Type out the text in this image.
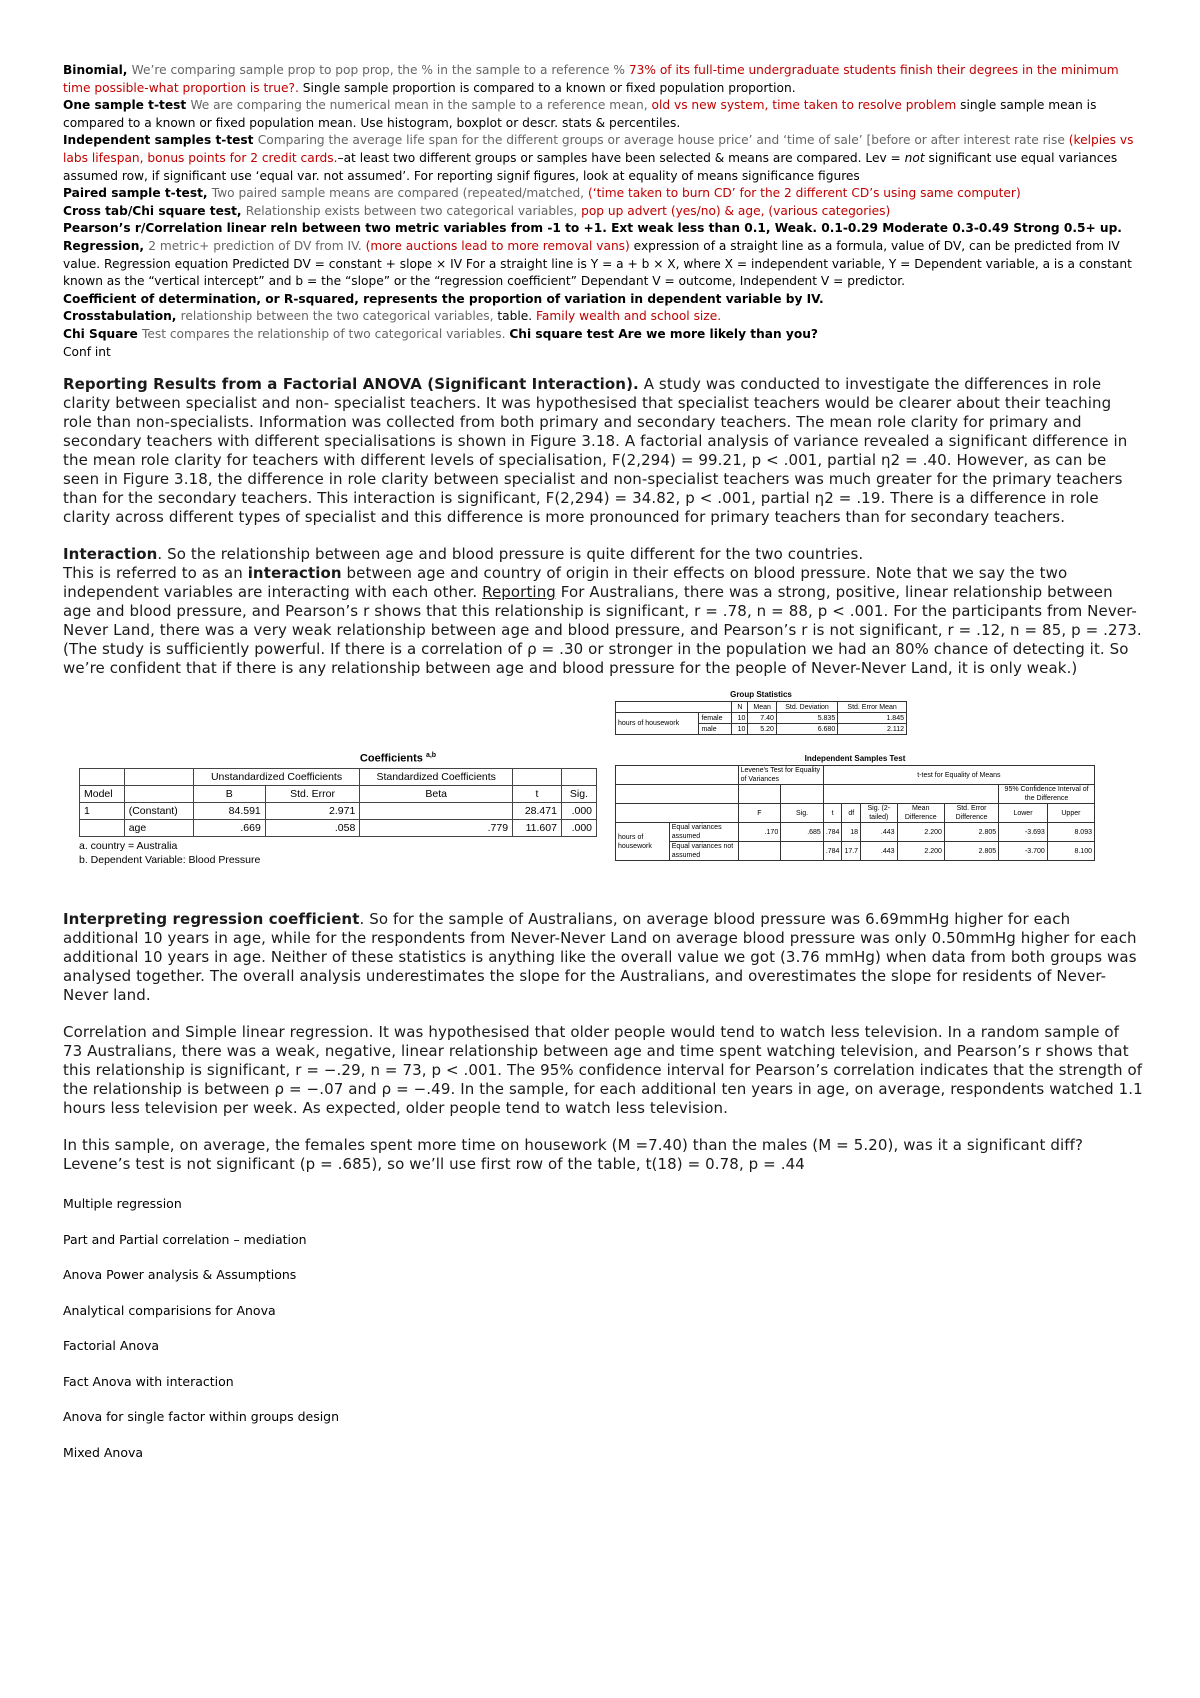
Binomial, We’re comparing sample prop to pop prop, the % in the sample to a reference % 73% of its full-time undergraduate students finish their degrees in the minimum time possible-what proportion is true?. Single sample proportion is compared to a known or fixed population proportion.

One sample t-test We are comparing the numerical mean in the sample to a reference mean, old vs new system, time taken to resolve problem single sample mean is compared to a known or fixed population mean. Use histogram, boxplot or descr. stats & percentiles.

Independent samples t-test Comparing the average life span for the different groups or average house price’ and ‘time of sale’ [before or after interest rate rise (kelpies vs labs lifespan, bonus points for 2 credit cards.–at least two different groups or samples have been selected & means are compared. Lev = not significant use equal variances assumed row, if significant use ‘equal var. not assumed’. For reporting signif figures, look at equality of means significance figures

Paired sample t-test, Two paired sample means are compared (repeated/matched, (‘time taken to burn CD’ for the 2 different CD’s using same computer)

Cross tab/Chi square test, Relationship exists between two categorical variables, pop up advert (yes/no) & age, (various categories)

Pearson’s r/Correlation linear reln between two metric variables from -1 to +1. Ext weak less than 0.1, Weak. 0.1-0.29 Moderate 0.3-0.49 Strong 0.5+ up.

Regression, 2 metric+ prediction of DV from IV. (more auctions lead to more removal vans) expression of a straight line as a formula, value of DV, can be predicted from IV value. Regression equation Predicted DV = constant + slope × IV For a straight line is Y = a + b × X, where X = independent variable, Y = Dependent variable, a is a constant known as the “vertical intercept” and b = the “slope” or the “regression coefficient” Dependant V = outcome, Independent V = predictor.

Coefficient of determination, or R-squared, represents the proportion of variation in dependent variable by IV.

Crosstabulation, relationship between the two categorical variables, table. Family wealth and school size.

Chi Square Test compares the relationship of two categorical variables. Chi square test Are we more likely than you?

Conf int

Reporting Results from a Factorial ANOVA (Significant Interaction). A study was conducted to investigate the differences in role clarity between specialist and non- specialist teachers. It was hypothesised that specialist teachers would be clearer about their teaching role than non-specialists. Information was collected from both primary and secondary teachers. The mean role clarity for primary and secondary teachers with different specialisations is shown in Figure 3.18. A factorial analysis of variance revealed a significant difference in the mean role clarity for teachers with different levels of specialisation, F(2,294) = 99.21, p < .001, partial η2 = .40. However, as can be seen in Figure 3.18, the difference in role clarity between specialist and non-specialist teachers was much greater for the primary teachers than for the secondary teachers. This interaction is significant, F(2,294) = 34.82, p < .001, partial η2 = .19. There is a difference in role clarity across different types of specialist and this difference is more pronounced for primary teachers than for secondary teachers.

Interaction. So the relationship between age and blood pressure is quite different for the two countries.

This is referred to as an interaction between age and country of origin in their effects on blood pressure. Note that we say the two independent variables are interacting with each other. Reporting For Australians, there was a strong, positive, linear relationship between age and blood pressure, and Pearson’s r shows that this relationship is significant, r = .78, n = 88, p < .001. For the participants from Never-Never Land, there was a very weak relationship between age and blood pressure, and Pearson’s r is not significant, r = .12, n = 85, p = .273. (The study is sufficiently powerful. If there is a correlation of ρ = .30 or stronger in the population we had an 80% chance of detecting it. So we’re confident that if there is any relationship between age and blood pressure for the people of Never-Never Land, it is only weak.)

Coefficients $^{a,b}$
		Unstandardized Coefficients		Standardized Coefficients		
Model		B	Std. Error	Beta	t	Sig.
1	(Constant)	84.591	2.971		28.471	.000
	age	.669	.058	.779	11.607	.000
a. country = Australia
b. Dependent Variable: Blood Pressure
Group Statistics
		N	Mean	Std. Deviation	Std. Error Mean
hours of housework	female	10	7.40	5.835	1.845
	male	10	5.20	6.680	2.112
Independent Samples Test
		Levene's Test for Equality of Variances		t-test for Equality of Means						
									95% Confidence Interval of the Difference	
		F	Sig.	t	df	Sig. (2-tailed)	Mean Difference	Std. Error Difference	Lower	Upper
hours of housework	Equal variances assumed	.170	.685	.784	18	.443	2.200	2.805	-3.693	8.093
	Equal variances not assumed			.784	17.7	.443	2.200	2.805	-3.700	8.100

Interpreting regression coefficient. So for the sample of Australians, on average blood pressure was 6.69mmHg higher for each additional 10 years in age, while for the respondents from Never-Never Land on average blood pressure was only 0.50mmHg higher for each additional 10 years in age. Neither of these statistics is anything like the overall value we got (3.76 mmHg) when data from both groups was analysed together. The overall analysis underestimates the slope for the Australians, and overestimates the slope for residents of Never-Never land.

Correlation and Simple linear regression. It was hypothesised that older people would tend to watch less television. In a random sample of 73 Australians, there was a weak, negative, linear relationship between age and time spent watching television, and Pearson’s r shows that this relationship is significant, r = −.29, n = 73, p < .001. The 95% confidence interval for Pearson’s correlation indicates that the strength of the relationship is between ρ = −.07 and ρ = −.49. In the sample, for each additional ten years in age, on average, respondents watched 1.1 hours less television per week. As expected, older people tend to watch less television.

In this sample, on average, the females spent more time on housework (M =7.40) than the males (M = 5.20), was it a significant diff? Levene’s test is not significant (p = .685), so we’ll use first row of the table, t(18) = 0.78, p = .44

Multiple regression

Part and Partial correlation – mediation

Anova Power analysis & Assumptions

Analytical comparisions for Anova

Factorial Anova

Fact Anova with interaction

Anova for single factor within groups design

Mixed Anova
